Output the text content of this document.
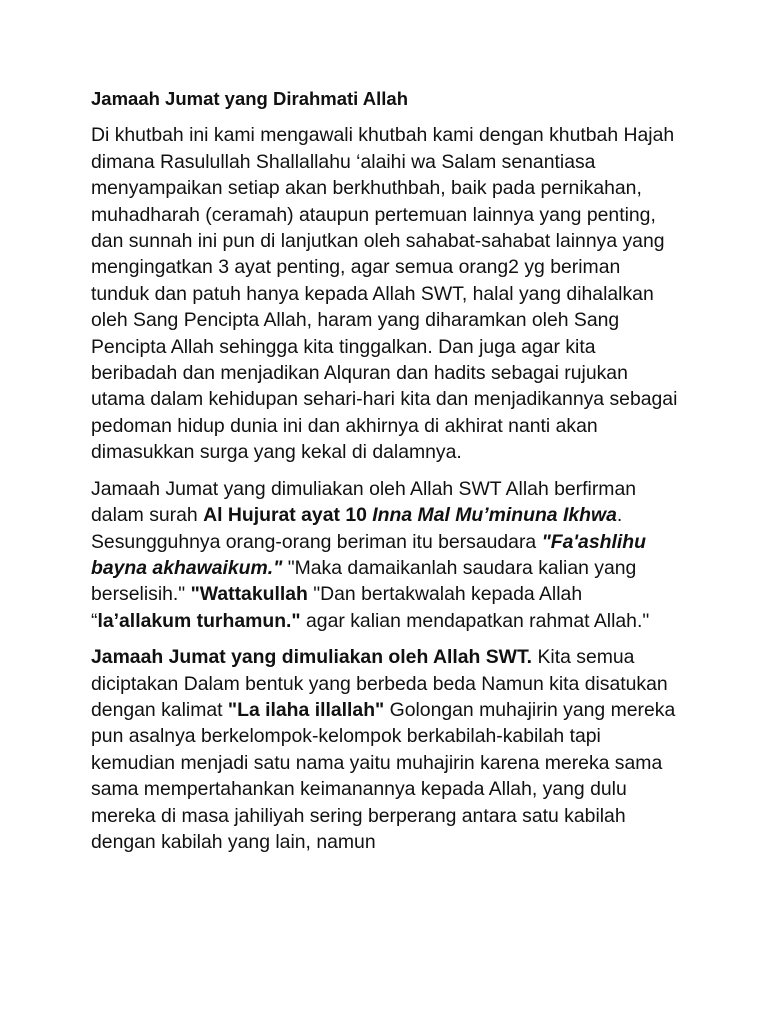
Jamaah Jumat yang Dirahmati Allah

Di khutbah ini kami mengawali khutbah kami dengan khutbah Hajah dimana Rasulullah Shallallahu ‘alaihi wa Salam senantiasa menyampaikan setiap akan berkhuthbah, baik pada pernikahan, muhadharah (ceramah) ataupun pertemuan lainnya yang penting, dan sunnah ini pun di lanjutkan oleh sahabat-sahabat lainnya yang mengingatkan 3 ayat penting, agar semua orang2 yg beriman tunduk dan patuh hanya kepada Allah SWT, halal yang dihalalkan oleh Sang Pencipta Allah, haram yang diharamkan oleh Sang Pencipta Allah sehingga kita tinggalkan. Dan juga agar kita beribadah dan menjadikan Alquran dan hadits sebagai rujukan utama dalam kehidupan sehari-hari kita dan menjadikannya sebagai pedoman hidup dunia ini dan akhirnya di akhirat nanti akan dimasukkan surga yang kekal di dalamnya.

Jamaah Jumat yang dimuliakan oleh Allah SWT Allah berfirman dalam surah Al Hujurat ayat 10 Inna Mal Mu’minuna Ikhwa. Sesungguhnya orang-orang beriman itu bersaudara "Fa'ashlihu bayna akhawaikum." "Maka damaikanlah saudara kalian yang berselisih." "Wattakullah "Dan bertakwalah kepada Allah “la’allakum turhamun." agar kalian mendapatkan rahmat Allah."

Jamaah Jumat yang dimuliakan oleh Allah SWT. Kita semua diciptakan Dalam bentuk yang berbeda beda Namun kita disatukan dengan kalimat "La ilaha illallah" Golongan muhajirin yang mereka pun asalnya berkelompok-kelompok berkabilah-kabilah tapi kemudian menjadi satu nama yaitu muhajirin karena mereka sama sama mempertahankan keimanannya kepada Allah, yang dulu mereka di masa jahiliyah sering berperang antara satu kabilah dengan kabilah yang lain, namun
